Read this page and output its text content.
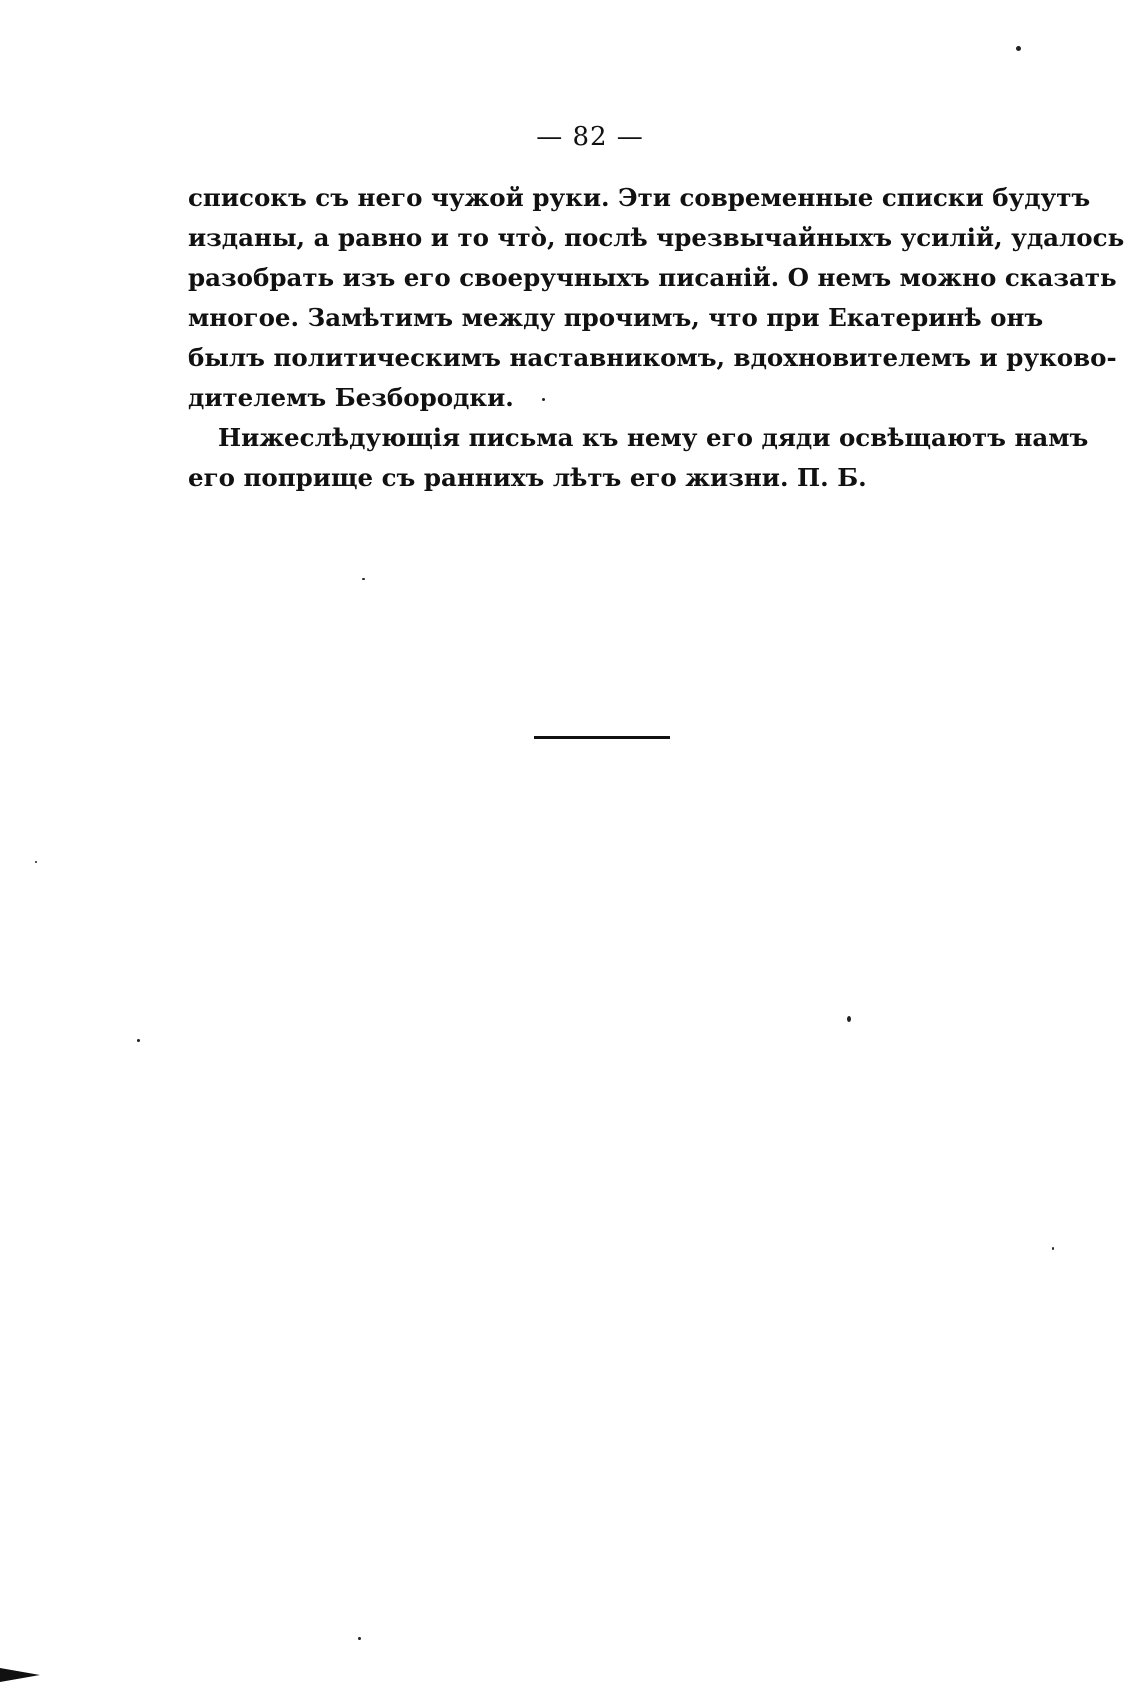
— 82 —
списокъ съ него чужой руки. Эти современные списки будутъ
изданы, а равно и то что̀, послѣ чрезвычайныхъ усилій, удалось
разобрать изъ его своеручныхъ писаній. О немъ можно сказать
многое. Замѣтимъ между прочимъ, что при Екатеринѣ онъ
былъ политическимъ наставникомъ, вдохновителемъ и руково-
дителемъ Безбородки.
Нижеслѣдующія письма къ нему его дяди освѣщаютъ намъ
его поприще съ раннихъ лѣтъ его жизни. П. Б.
